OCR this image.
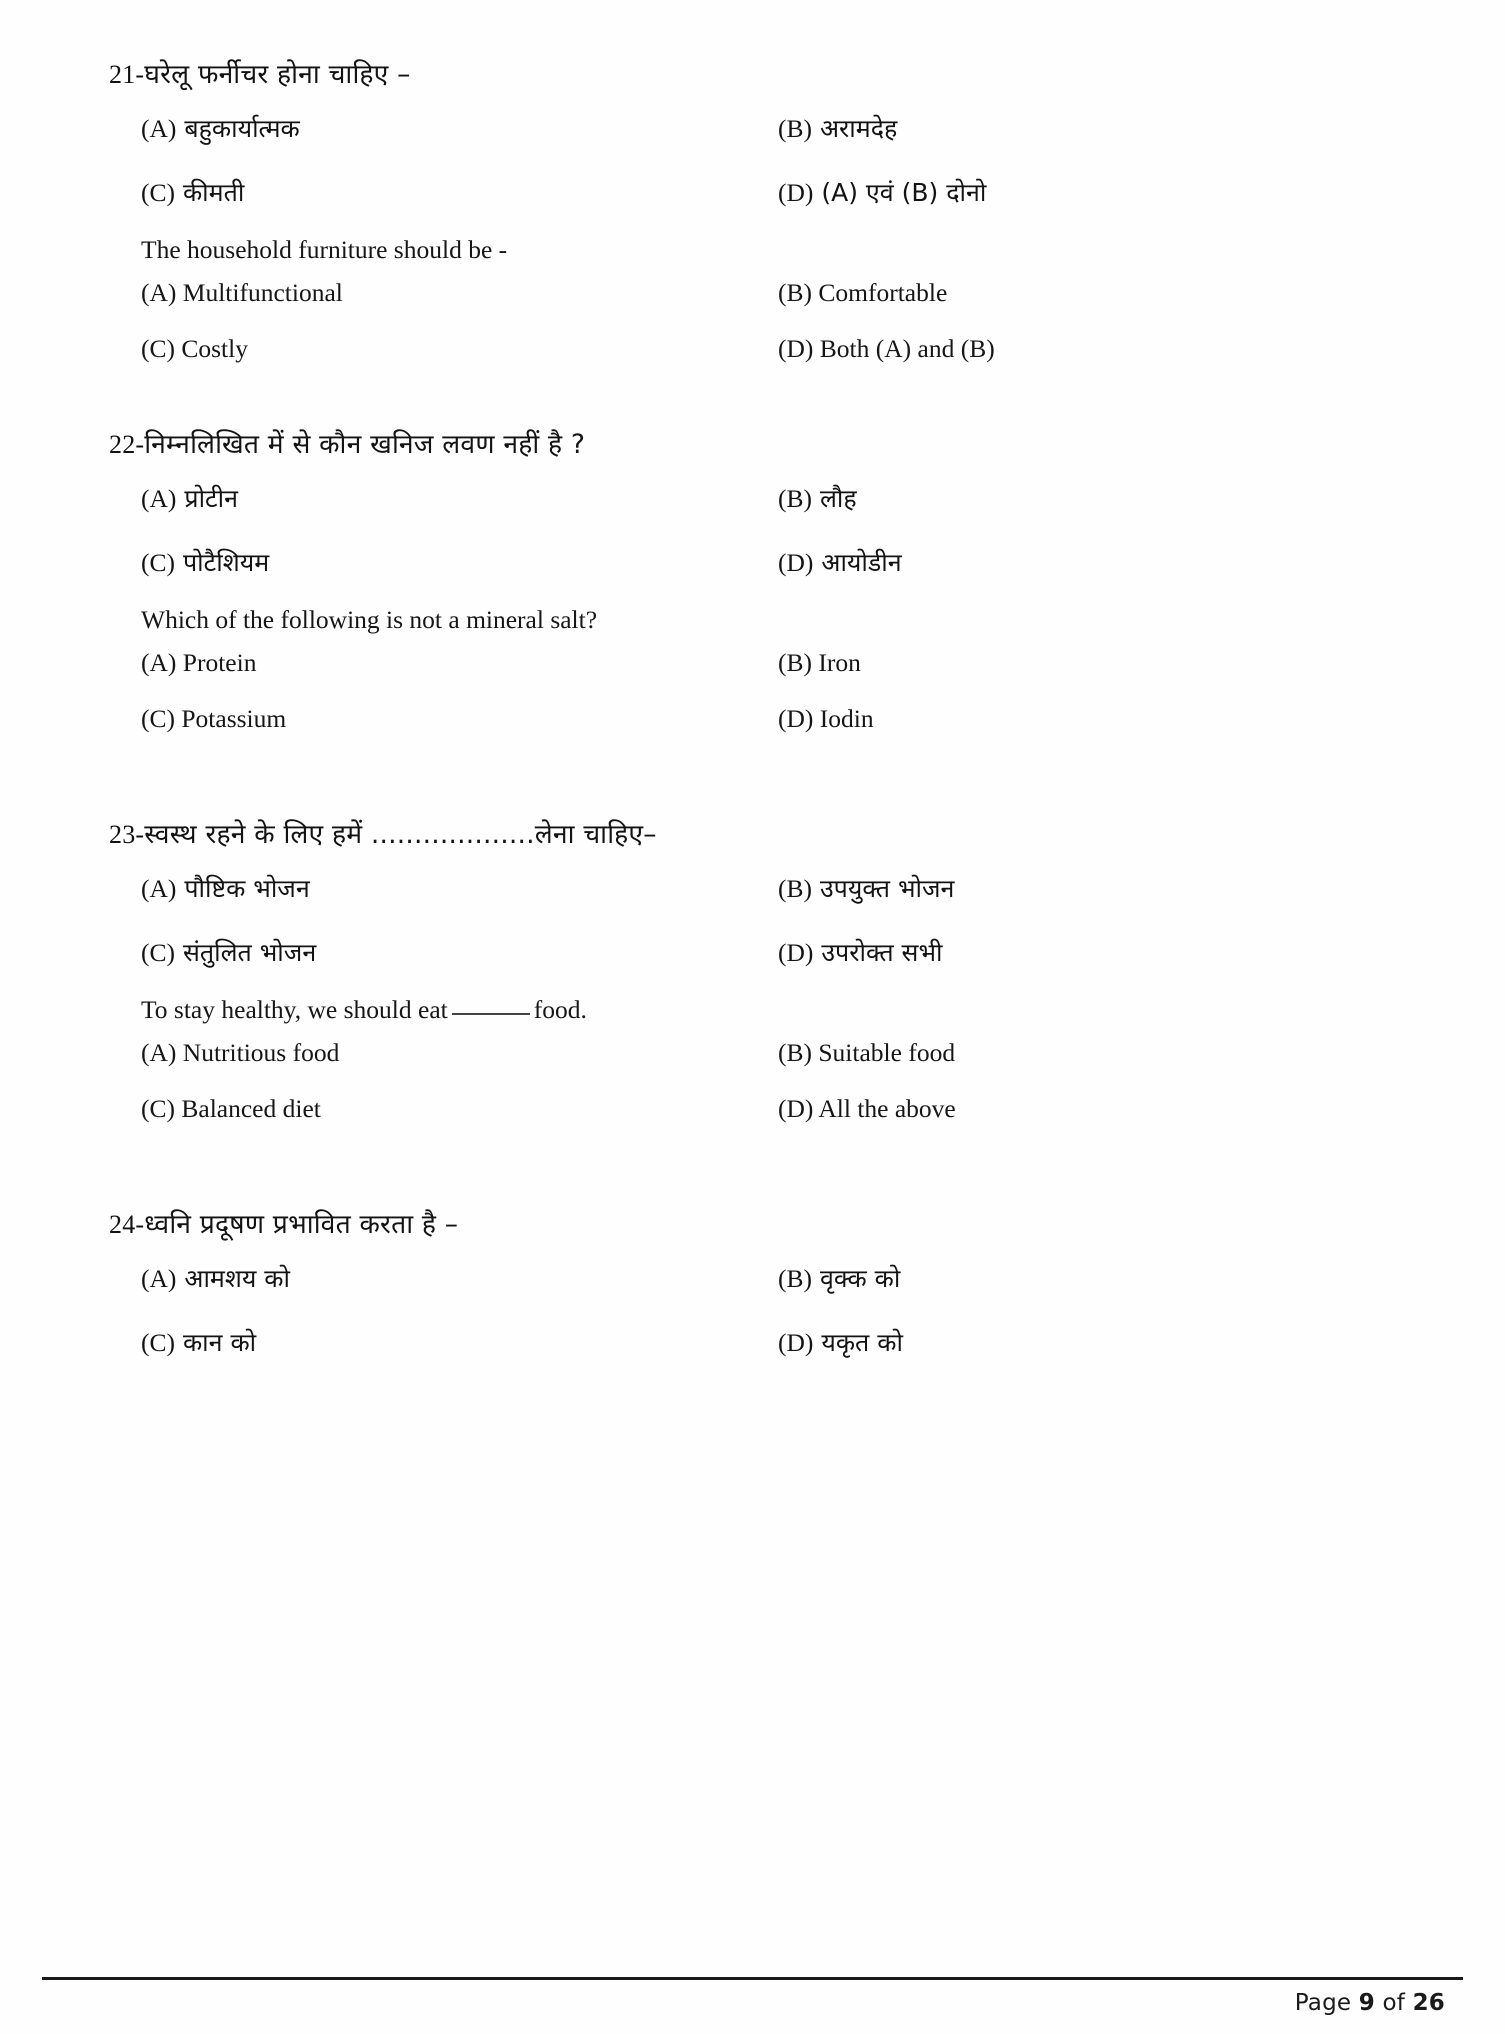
21-घरेलू फर्नीचर होना चाहिए –

(A) बहुकार्यात्मक	(B) अरामदेह
(C) कीमती	(D) (A) एवं (B) दोनो

The household furniture should be -

(A) Multifunctional	(B) Comfortable
(C) Costly	(D) Both (A) and (B)

22-निम्नलिखित में से कौन खनिज लवण नहीं है ?

(A) प्रोटीन	(B) लौह
(C) पोटैशियम	(D) आयोडीन

Which of the following is not a mineral salt?

(A) Protein	(B) Iron
(C) Potassium	(D) Iodin

23-स्वस्थ रहने के लिए हमें ...................लेना चाहिए–

(A) पौष्टिक भोजन	(B) उपयुक्त भोजन
(C) संतुलित भोजन	(D) उपरोक्त सभी

To stay healthy, we should eat	food.

(A) Nutritious food	(B) Suitable food
(C) Balanced diet	(D) All the above

24-ध्वनि प्रदूषण प्रभावित करता है –

(A) आमशय को	(B) वृक्क को
(C) कान को	(D) यकृत को
Page 9 of 26
